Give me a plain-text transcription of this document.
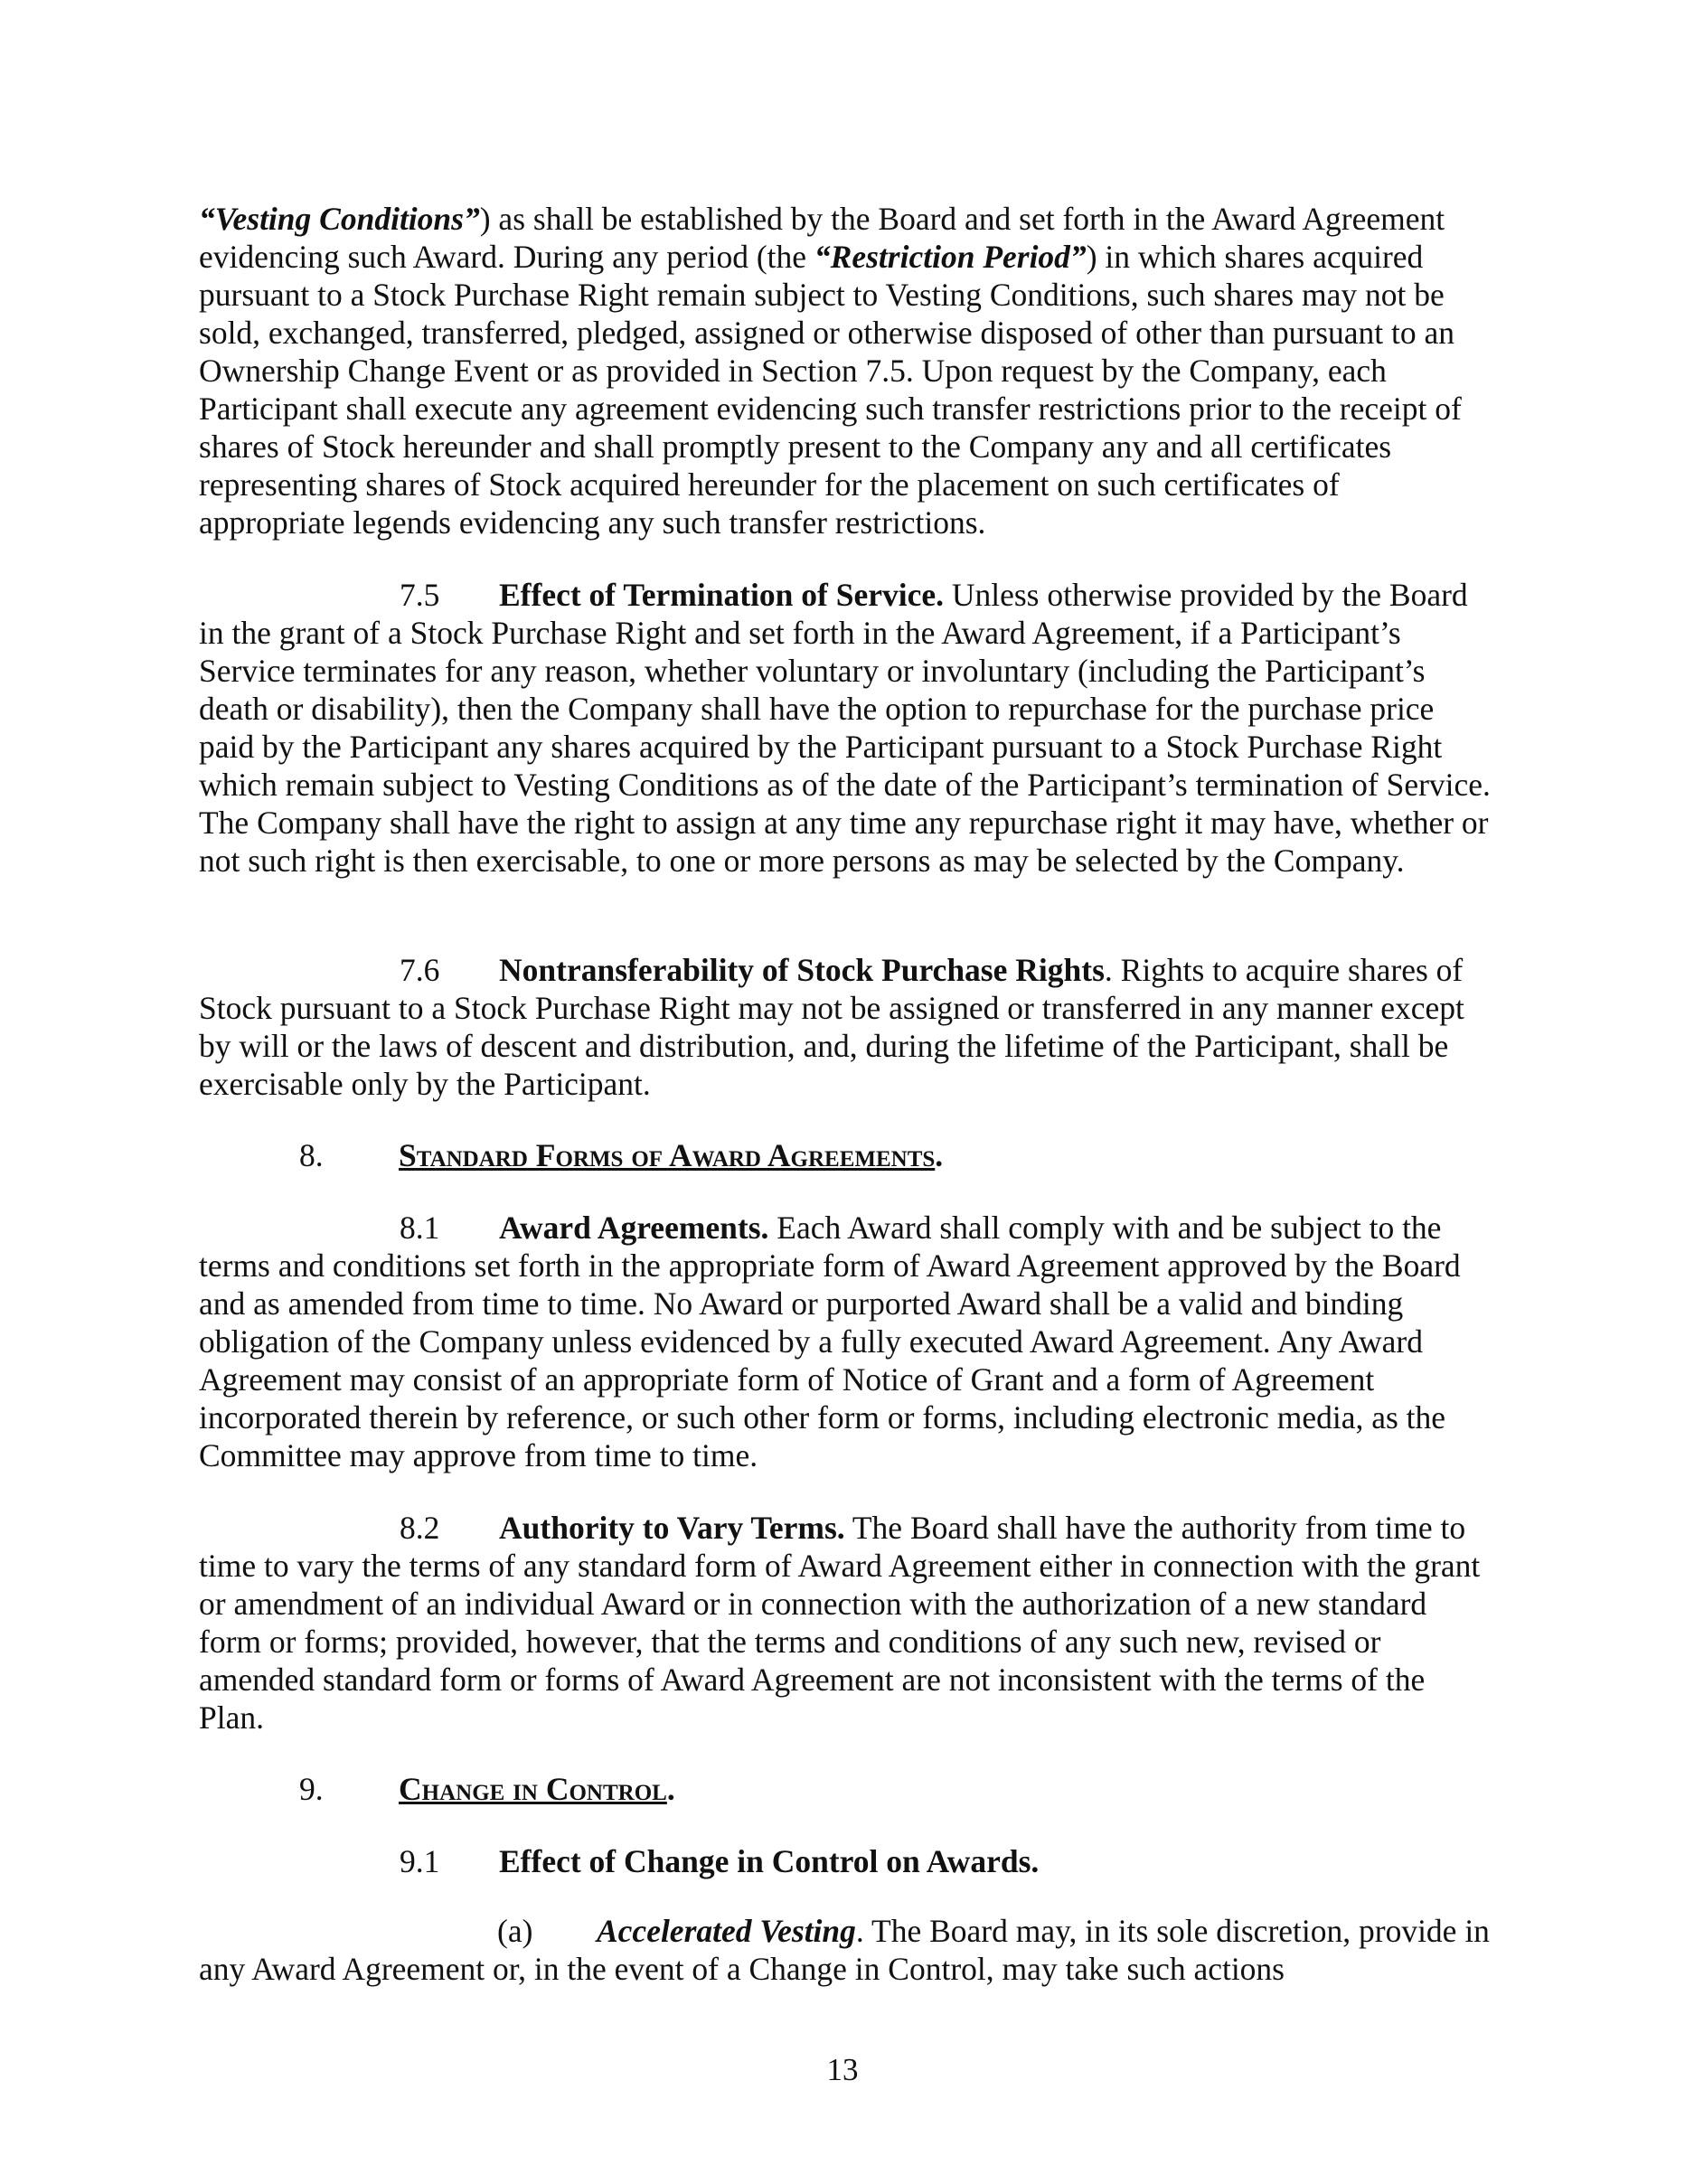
“Vesting Conditions”) as shall be established by the Board and set forth in the Award Agreement evidencing such Award. During any period (the “Restriction Period”) in which shares acquired pursuant to a Stock Purchase Right remain subject to Vesting Conditions, such shares may not be sold, exchanged, transferred, pledged, assigned or otherwise disposed of other than pursuant to an Ownership Change Event or as provided in Section 7.5. Upon request by the Company, each Participant shall execute any agreement evidencing such transfer restrictions prior to the receipt of shares of Stock hereunder and shall promptly present to the Company any and all certificates representing shares of Stock acquired hereunder for the placement on such certificates of appropriate legends evidencing any such transfer restrictions.
7.5 Effect of Termination of Service. Unless otherwise provided by the Board in the grant of a Stock Purchase Right and set forth in the Award Agreement, if a Participant’s Service terminates for any reason, whether voluntary or involuntary (including the Participant’s death or disability), then the Company shall have the option to repurchase for the purchase price paid by the Participant any shares acquired by the Participant pursuant to a Stock Purchase Right which remain subject to Vesting Conditions as of the date of the Participant’s termination of Service. The Company shall have the right to assign at any time any repurchase right it may have, whether or not such right is then exercisable, to one or more persons as may be selected by the Company.
7.6 Nontransferability of Stock Purchase Rights. Rights to acquire shares of Stock pursuant to a Stock Purchase Right may not be assigned or transferred in any manner except by will or the laws of descent and distribution, and, during the lifetime of the Participant, shall be exercisable only by the Participant.
8. Standard Forms of Award Agreements.
8.1 Award Agreements. Each Award shall comply with and be subject to the terms and conditions set forth in the appropriate form of Award Agreement approved by the Board and as amended from time to time. No Award or purported Award shall be a valid and binding obligation of the Company unless evidenced by a fully executed Award Agreement. Any Award Agreement may consist of an appropriate form of Notice of Grant and a form of Agreement incorporated therein by reference, or such other form or forms, including electronic media, as the Committee may approve from time to time.
8.2 Authority to Vary Terms. The Board shall have the authority from time to time to vary the terms of any standard form of Award Agreement either in connection with the grant or amendment of an individual Award or in connection with the authorization of a new standard form or forms; provided, however, that the terms and conditions of any such new, revised or amended standard form or forms of Award Agreement are not inconsistent with the terms of the Plan.
9. Change in Control.
9.1 Effect of Change in Control on Awards.
(a) Accelerated Vesting. The Board may, in its sole discretion, provide in any Award Agreement or, in the event of a Change in Control, may take such actions
13
